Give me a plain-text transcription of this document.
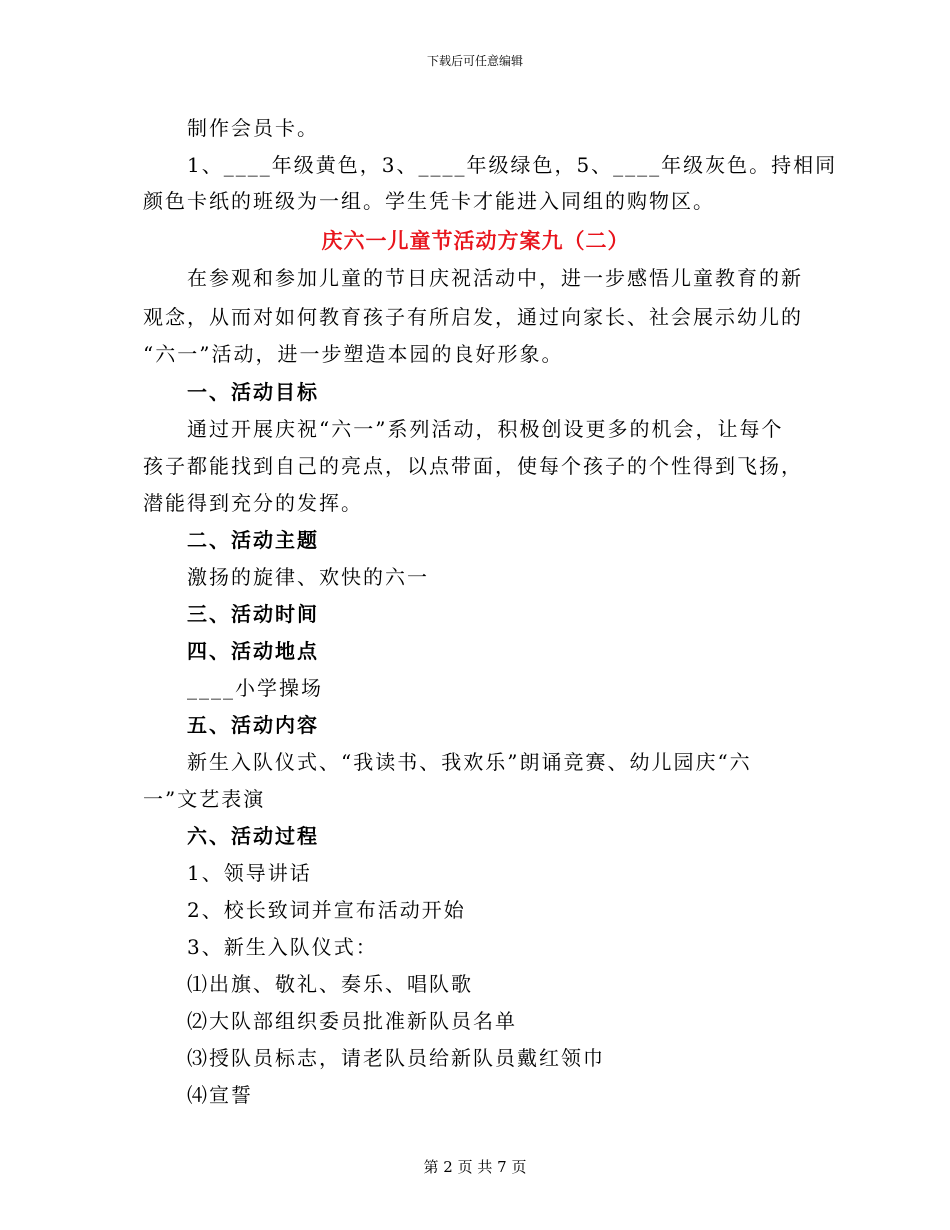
下载后可任意编辑
制作会员卡。
1、____年级黄色，3、____年级绿色，5、____年级灰色。持相同
颜色卡纸的班级为一组。学生凭卡才能进入同组的购物区。
庆六一儿童节活动方案九（二）
在参观和参加儿童的节日庆祝活动中，进一步感悟儿童教育的新
观念，从而对如何教育孩子有所启发，通过向家长、社会展示幼儿的
“六一”活动，进一步塑造本园的良好形象。
一、活动目标
通过开展庆祝“六一”系列活动，积极创设更多的机会，让每个
孩子都能找到自己的亮点，以点带面，使每个孩子的个性得到飞扬，
潜能得到充分的发挥。
二、活动主题
激扬的旋律、欢快的六一
三、活动时间
四、活动地点
____小学操场
五、活动内容
新生入队仪式、“我读书、我欢乐”朗诵竞赛、幼儿园庆“六
一”文艺表演
六、活动过程
1、领导讲话
2、校长致词并宣布活动开始
3、新生入队仪式：
⑴出旗、敬礼、奏乐、唱队歌
⑵大队部组织委员批准新队员名单
⑶授队员标志，请老队员给新队员戴红领巾
⑷宣誓
第 2 页 共 7 页
